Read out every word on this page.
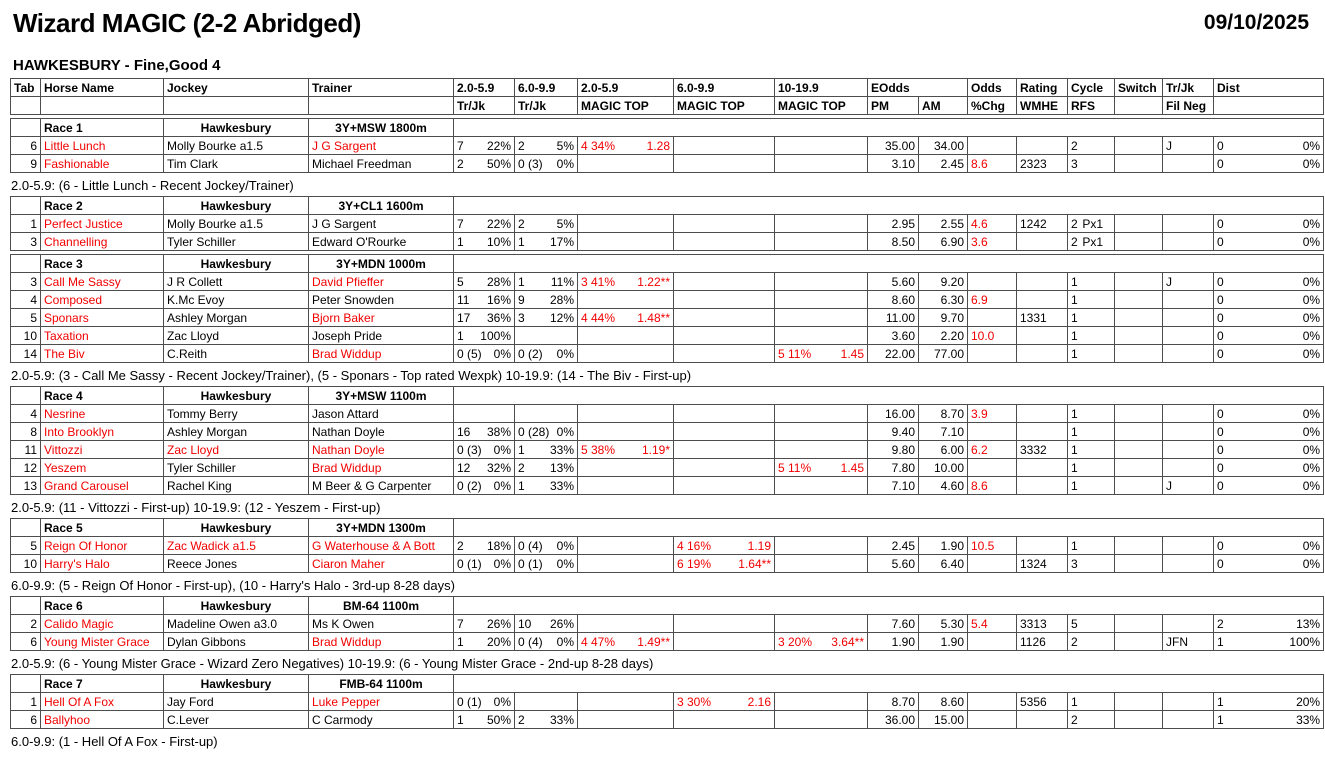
Wizard MAGIC (2-2 Abridged)	09/10/2025
HAWKESBURY - Fine,Good 4
Tab	Horse Name	Jockey	Trainer	2.0-5.9	6.0-9.9	2.0-5.9	6.0-9.9	10-19.9	EOdds		Odds	Rating	Cycle	Switch	Tr/Jk	Dist
				Tr/Jk	Tr/Jk	MAGIC TOP	MAGIC TOP	MAGIC TOP	PM	AM	%Chg	WMHE	RFS		Fil Neg	
	Race 1	Hawkesbury	3Y+MSW 1800m													
6	Little Lunch	Molly Bourke a1.5	J G Sargent	7 22%	2 5%	4 34% 1.28			35.00	34.00			2		J	0 0%

9	Fashionable	Tim Clark	Michael Freedman	2 50%	0 (3) 0%				3.10	2.45	8.6	2323	3			0 0%
2.0-5.9: (6 - Little Lunch - Recent Jockey/Trainer)
	Race 2	Hawkesbury	3Y+CL1 1600m													
1	Perfect Justice	Molly Bourke a1.5	J G Sargent	7 22%	2 5%				2.95	2.55	4.6	1242	2 Px1			0 0%

3	Channelling	Tyler Schiller	Edward O'Rourke	1 10%	1 17%				8.50	6.90	3.6		2 Px1			0 0%
	Race 3	Hawkesbury	3Y+MDN 1000m													
3	Call Me Sassy	J R Collett	David Pfieffer	5 28%	1 11%	3 41% 1.22**			5.60	9.20			1		J	0 0%

4	Composed	K.Mc Evoy	Peter Snowden	11 16%	9 28%				8.60	6.30	6.9		1			0 0%

5	Sponars	Ashley Morgan	Bjorn Baker	17 36%	3 12%	4 44% 1.48**			11.00	9.70		1331	1			0 0%

10	Taxation	Zac Lloyd	Joseph Pride	1 100%					3.60	2.20	10.0		1			0 0%

14	The Biv	C.Reith	Brad Widdup	0 (5) 0%	0 (2) 0%			5 11% 1.45	22.00	77.00			1			0 0%
2.0-5.9: (3 - Call Me Sassy - Recent Jockey/Trainer), (5 - Sponars - Top rated Wexpk) 10-19.9: (14 - The Biv - First-up)
	Race 4	Hawkesbury	3Y+MSW 1100m													
4	Nesrine	Tommy Berry	Jason Attard						16.00	8.70	3.9		1			0 0%

8	Into Brooklyn	Ashley Morgan	Nathan Doyle	16 38%	0 (28) 0%				9.40	7.10			1			0 0%

11	Vittozzi	Zac Lloyd	Nathan Doyle	0 (3) 0%	1 33%	5 38% 1.19*			9.80	6.00	6.2	3332	1			0 0%

12	Yeszem	Tyler Schiller	Brad Widdup	12 32%	2 13%			5 11% 1.45	7.80	10.00			1			0 0%

13	Grand Carousel	Rachel King	M Beer & G Carpenter	0 (2) 0%	1 33%				7.10	4.60	8.6		1		J	0 0%
2.0-5.9: (11 - Vittozzi - First-up) 10-19.9: (12 - Yeszem - First-up)
	Race 5	Hawkesbury	3Y+MDN 1300m													
5	Reign Of Honor	Zac Wadick a1.5	G Waterhouse & A Bott	2 18%	0 (4) 0%		4 16% 1.19		2.45	1.90	10.5		1			0 0%

10	Harry's Halo	Reece Jones	Ciaron Maher	0 (1) 0%	0 (1) 0%		6 19% 1.64**		5.60	6.40		1324	3			0 0%
6.0-9.9: (5 - Reign Of Honor - First-up), (10 - Harry's Halo - 3rd-up 8-28 days)
	Race 6	Hawkesbury	BM-64 1100m													
2	Calido Magic	Madeline Owen a3.0	Ms K Owen	7 26%	10 26%				7.60	5.30	5.4	3313	5			2 13%

6	Young Mister Grace	Dylan Gibbons	Brad Widdup	1 20%	0 (4) 0%	4 47% 1.49**		3 20% 3.64**	1.90	1.90		1126	2		JFN	1 100%
2.0-5.9: (6 - Young Mister Grace - Wizard Zero Negatives) 10-19.9: (6 - Young Mister Grace - 2nd-up 8-28 days)
	Race 7	Hawkesbury	FMB-64 1100m													
1	Hell Of A Fox	Jay Ford	Luke Pepper	0 (1) 0%			3 30% 2.16		8.70	8.60		5356	1			1 20%

6	Ballyhoo	C.Lever	C Carmody	1 50%	2 33%				36.00	15.00			2			1 33%
6.0-9.9: (1 - Hell Of A Fox - First-up)
